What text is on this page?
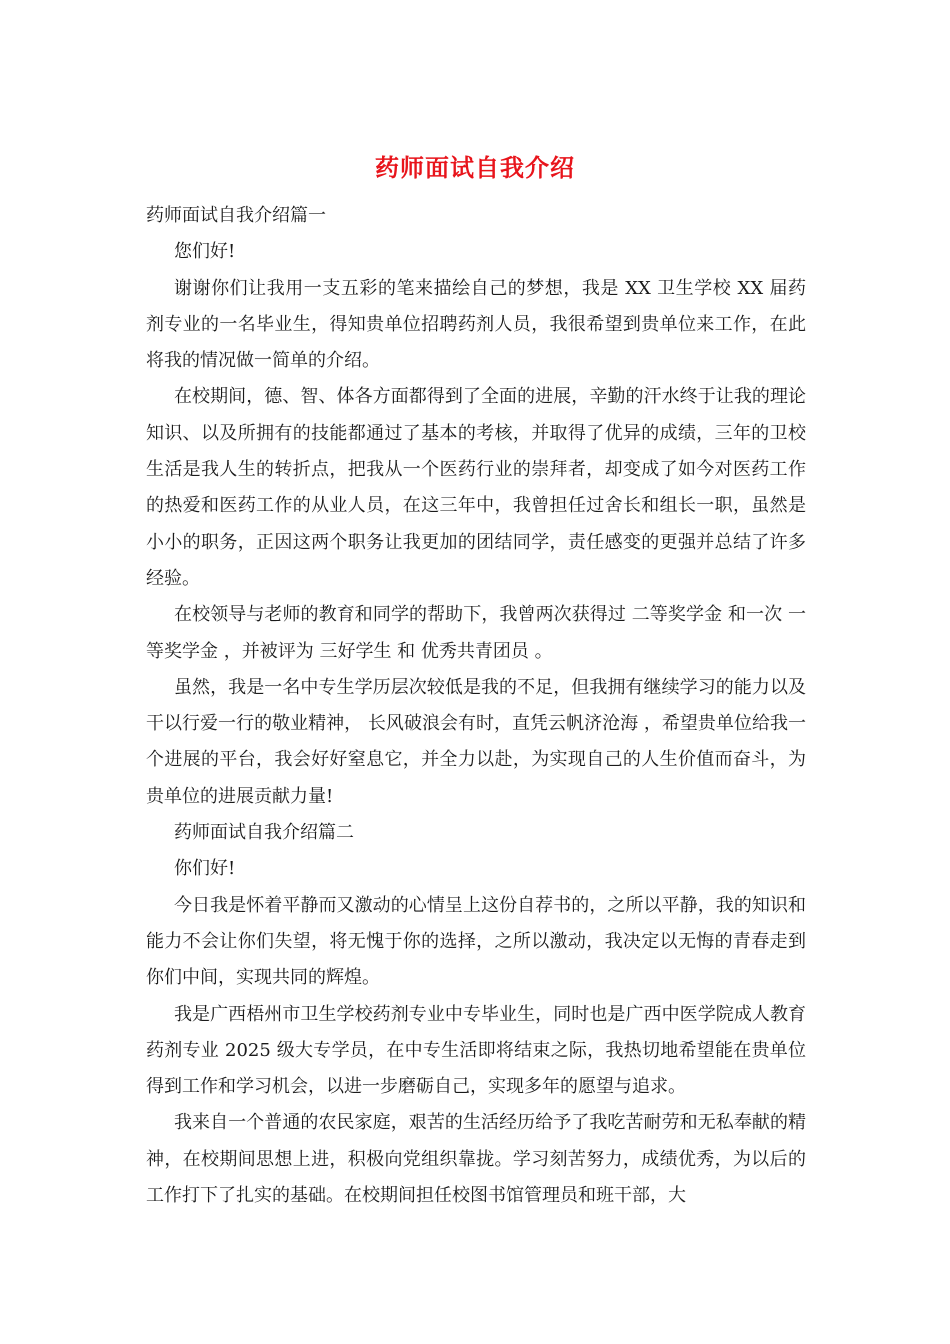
药师面试自我介绍

药师面试自我介绍篇一

您们好!

谢谢你们让我用一支五彩的笔来描绘自己的梦想，我是 XX 卫生学校 XX 届药剂专业的一名毕业生，得知贵单位招聘药剂人员，我很希望到贵单位来工作，在此将我的情况做一简单的介绍。

在校期间，德、智、体各方面都得到了全面的进展，辛勤的汗水终于让我的理论知识、以及所拥有的技能都通过了基本的考核，并取得了优异的成绩，三年的卫校生活是我人生的转折点，把我从一个医药行业的崇拜者，却变成了如今对医药工作的热爱和医药工作的从业人员，在这三年中，我曾担任过舍长和组长一职，虽然是小小的职务，正因这两个职务让我更加的团结同学，责任感变的更强并总结了许多经验。

在校领导与老师的教育和同学的帮助下，我曾两次获得过 二等奖学金 和一次 一等奖学金 ，并被评为 三好学生 和 优秀共青团员 。

虽然，我是一名中专生学历层次较低是我的不足，但我拥有继续学习的能力以及干以行爱一行的敬业精神， 长风破浪会有时，直凭云帆济沧海 ，希望贵单位给我一个进展的平台，我会好好窒息它，并全力以赴，为实现自己的人生价值而奋斗，为贵单位的进展贡献力量!

药师面试自我介绍篇二

你们好!

今日我是怀着平静而又激动的心情呈上这份自荐书的，之所以平静，我的知识和能力不会让你们失望，将无愧于你的选择，之所以激动，我决定以无悔的青春走到你们中间，实现共同的辉煌。

我是广西梧州市卫生学校药剂专业中专毕业生，同时也是广西中医学院成人教育药剂专业 2025 级大专学员，在中专生活即将结束之际，我热切地希望能在贵单位得到工作和学习机会，以进一步磨砺自己，实现多年的愿望与追求。

我来自一个普通的农民家庭，艰苦的生活经历给予了我吃苦耐劳和无私奉献的精神，在校期间思想上进，积极向党组织靠拢。学习刻苦努力，成绩优秀，为以后的工作打下了扎实的基础。在校期间担任校图书馆管理员和班干部，大
